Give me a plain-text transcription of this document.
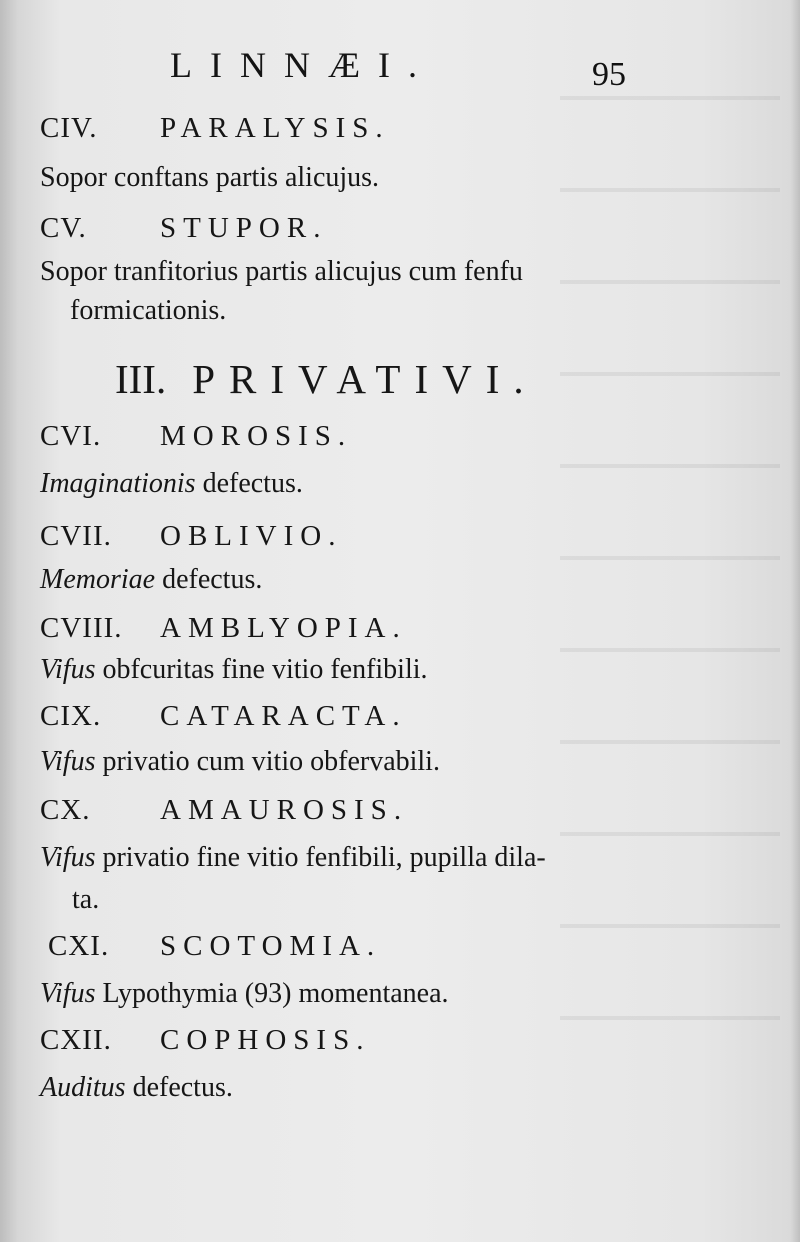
LINNÆI.	95
CIV. PARALYSIS.
Sopor conftans partis alicujus.
CV.	STUPOR.
Sopor tranfitorius partis alicujus cum fenfu
formicationis.
III. PRIVATIVI.
CVI. MOROSIS.
Imaginationis defectus.
CVII. OBLIVIO.
Memoriae defectus.
CVIII. AMBLYOPIA.
Vifus obfcuritas fine vitio fenfibili.
CIX. CATARACTA.
Vifus privatio cum vitio obfervabili.
CX. AMAUROSIS.
Vifus privatio fine vitio fenfibili, pupilla dila-
ta.
CXI. SCOTOMIA.
Vifus Lypothymia (93) momentanea.
CXII. COPHOSIS.
Auditus defectus.
